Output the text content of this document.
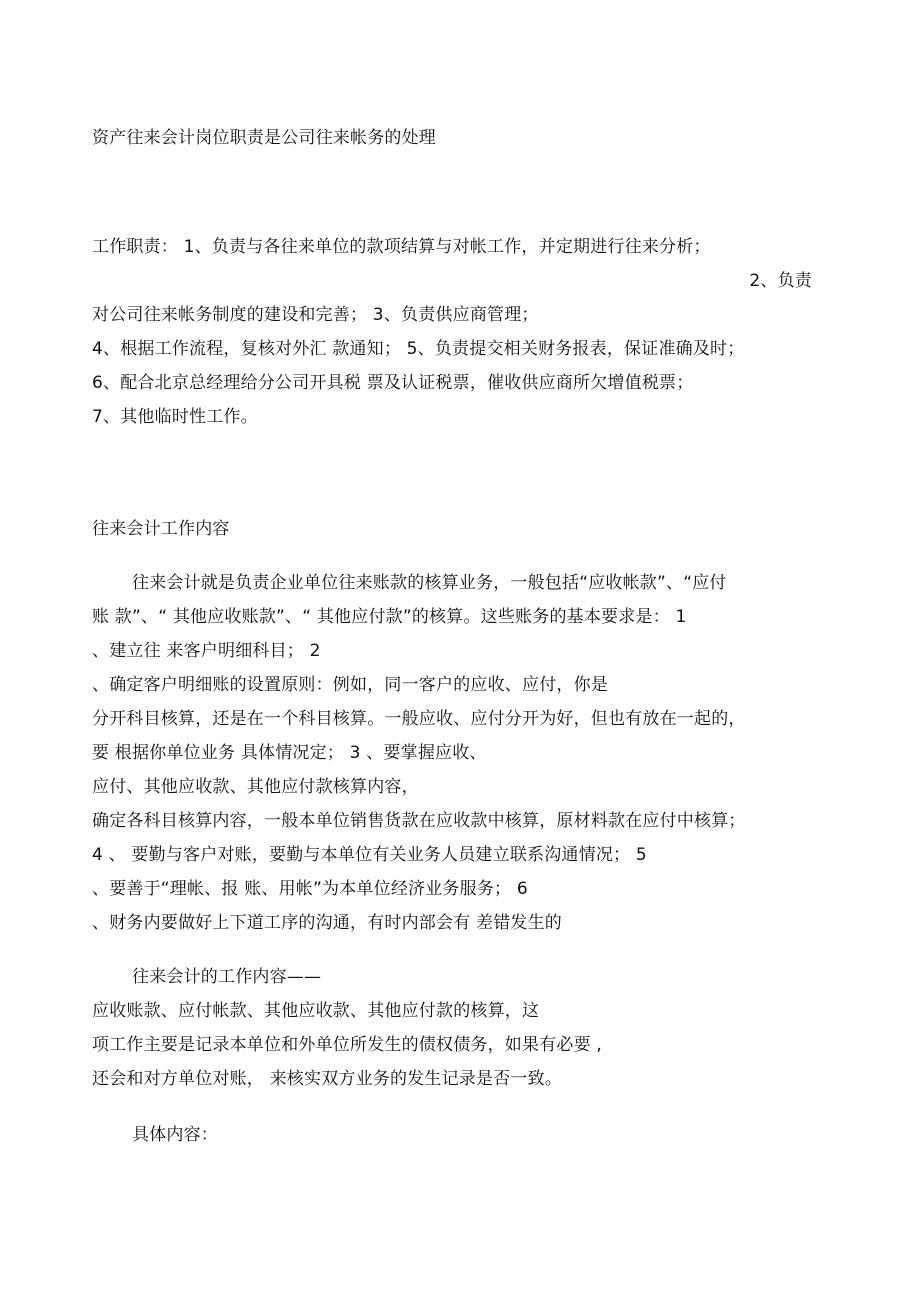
资产往来会计岗位职责是公司往来帐务的处理
工作职责： 1、负责与各往来单位的款项结算与对帐工作，并定期进行往来分析；
2、负责
对公司往来帐务制度的建设和完善； 3、负责供应商管理；
4、根据工作流程，复核对外汇 款通知； 5、负责提交相关财务报表，保证准确及时；
6、配合北京总经理给分公司开具税 票及认证税票，催收供应商所欠增值税票；
7、其他临时性工作。
往来会计工作内容
往来会计就是负责企业单位往来账款的核算业务，一般包括“应收帐款”、“应付
账 款”、“ 其他应收账款”、“ 其他应付款”的核算。这些账务的基本要求是： 1
、建立往 来客户明细科目； 2
、确定客户明细账的设置原则：例如，同一客户的应收、应付，你是
分开科目核算，还是在一个科目核算。一般应收、应付分开为好，但也有放在一起的，
要 根据你单位业务 具体情况定； 3 、要掌握应收、
应付、其他应收款、其他应付款核算内容，
确定各科目核算内容，一般本单位销售货款在应收款中核算，原材料款在应付中核算；
4 、 要勤与客户对账，要勤与本单位有关业务人员建立联系沟通情况； 5
、要善于“理帐、报 账、用帐”为本单位经济业务服务； 6
、财务内要做好上下道工序的沟通，有时内部会有 差错发生的
往来会计的工作内容——
应收账款、应付帐款、其他应收款、其他应付款的核算，这
项工作主要是记录本单位和外单位所发生的债权债务，如果有必要 ,
还会和对方单位对账， 来核实双方业务的发生记录是否一致。
具体内容：
